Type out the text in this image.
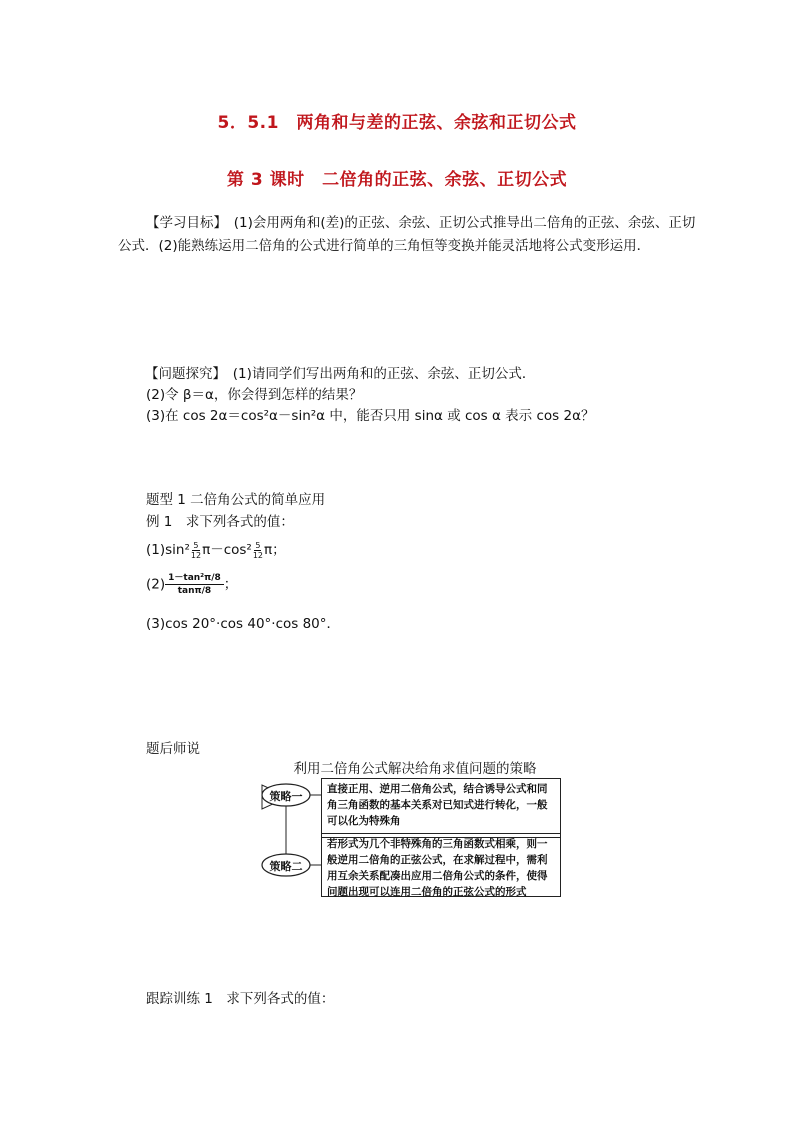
5．5.1　两角和与差的正弦、余弦和正切公式
第 3 课时　二倍角的正弦、余弦、正切公式
【学习目标】　 (1)会用两角和(差)的正弦、余弦、正切公式推导出二倍角的正弦、余弦、正切公式．(2)能熟练运用二倍角的公式进行简单的三角恒等变换并能灵活地将公式变形运用．
【问题探究】　 (1)请同学们写出两角和的正弦、余弦、正切公式．
(2)令 β＝α，你会得到怎样的结果？
(3)在 cos 2α＝cos²α－sin²α 中，能否只用 sinα 或 cos α 表示 cos 2α？
题型 1 二倍角公式的简单应用
例 1　求下列各式的值：
$(1)\sin^2 \frac{5}{12} \pi-\cos^2 \frac{5}{12}$ π；
$(2) \frac{\text{1－tan²π/8}}{\tan\pi/8}$ ；
(3)cos 20°·cos 40°·cos 80°．
题后师说
利用二倍角公式解决给角求值问题的策略
策略一
策略二
直接正用、逆用二倍角公式，结合诱导公式和同角三角函数的基本关系对已知式进行转化，一般可以化为特殊角
若形式为几个非特殊角的三角函数式相乘，则一般逆用二倍角的正弦公式，在求解过程中，需利用互余关系配凑出应用二倍角公式的条件，使得问题出现可以连用二倍角的正弦公式的形式
跟踪训练 1　求下列各式的值：
